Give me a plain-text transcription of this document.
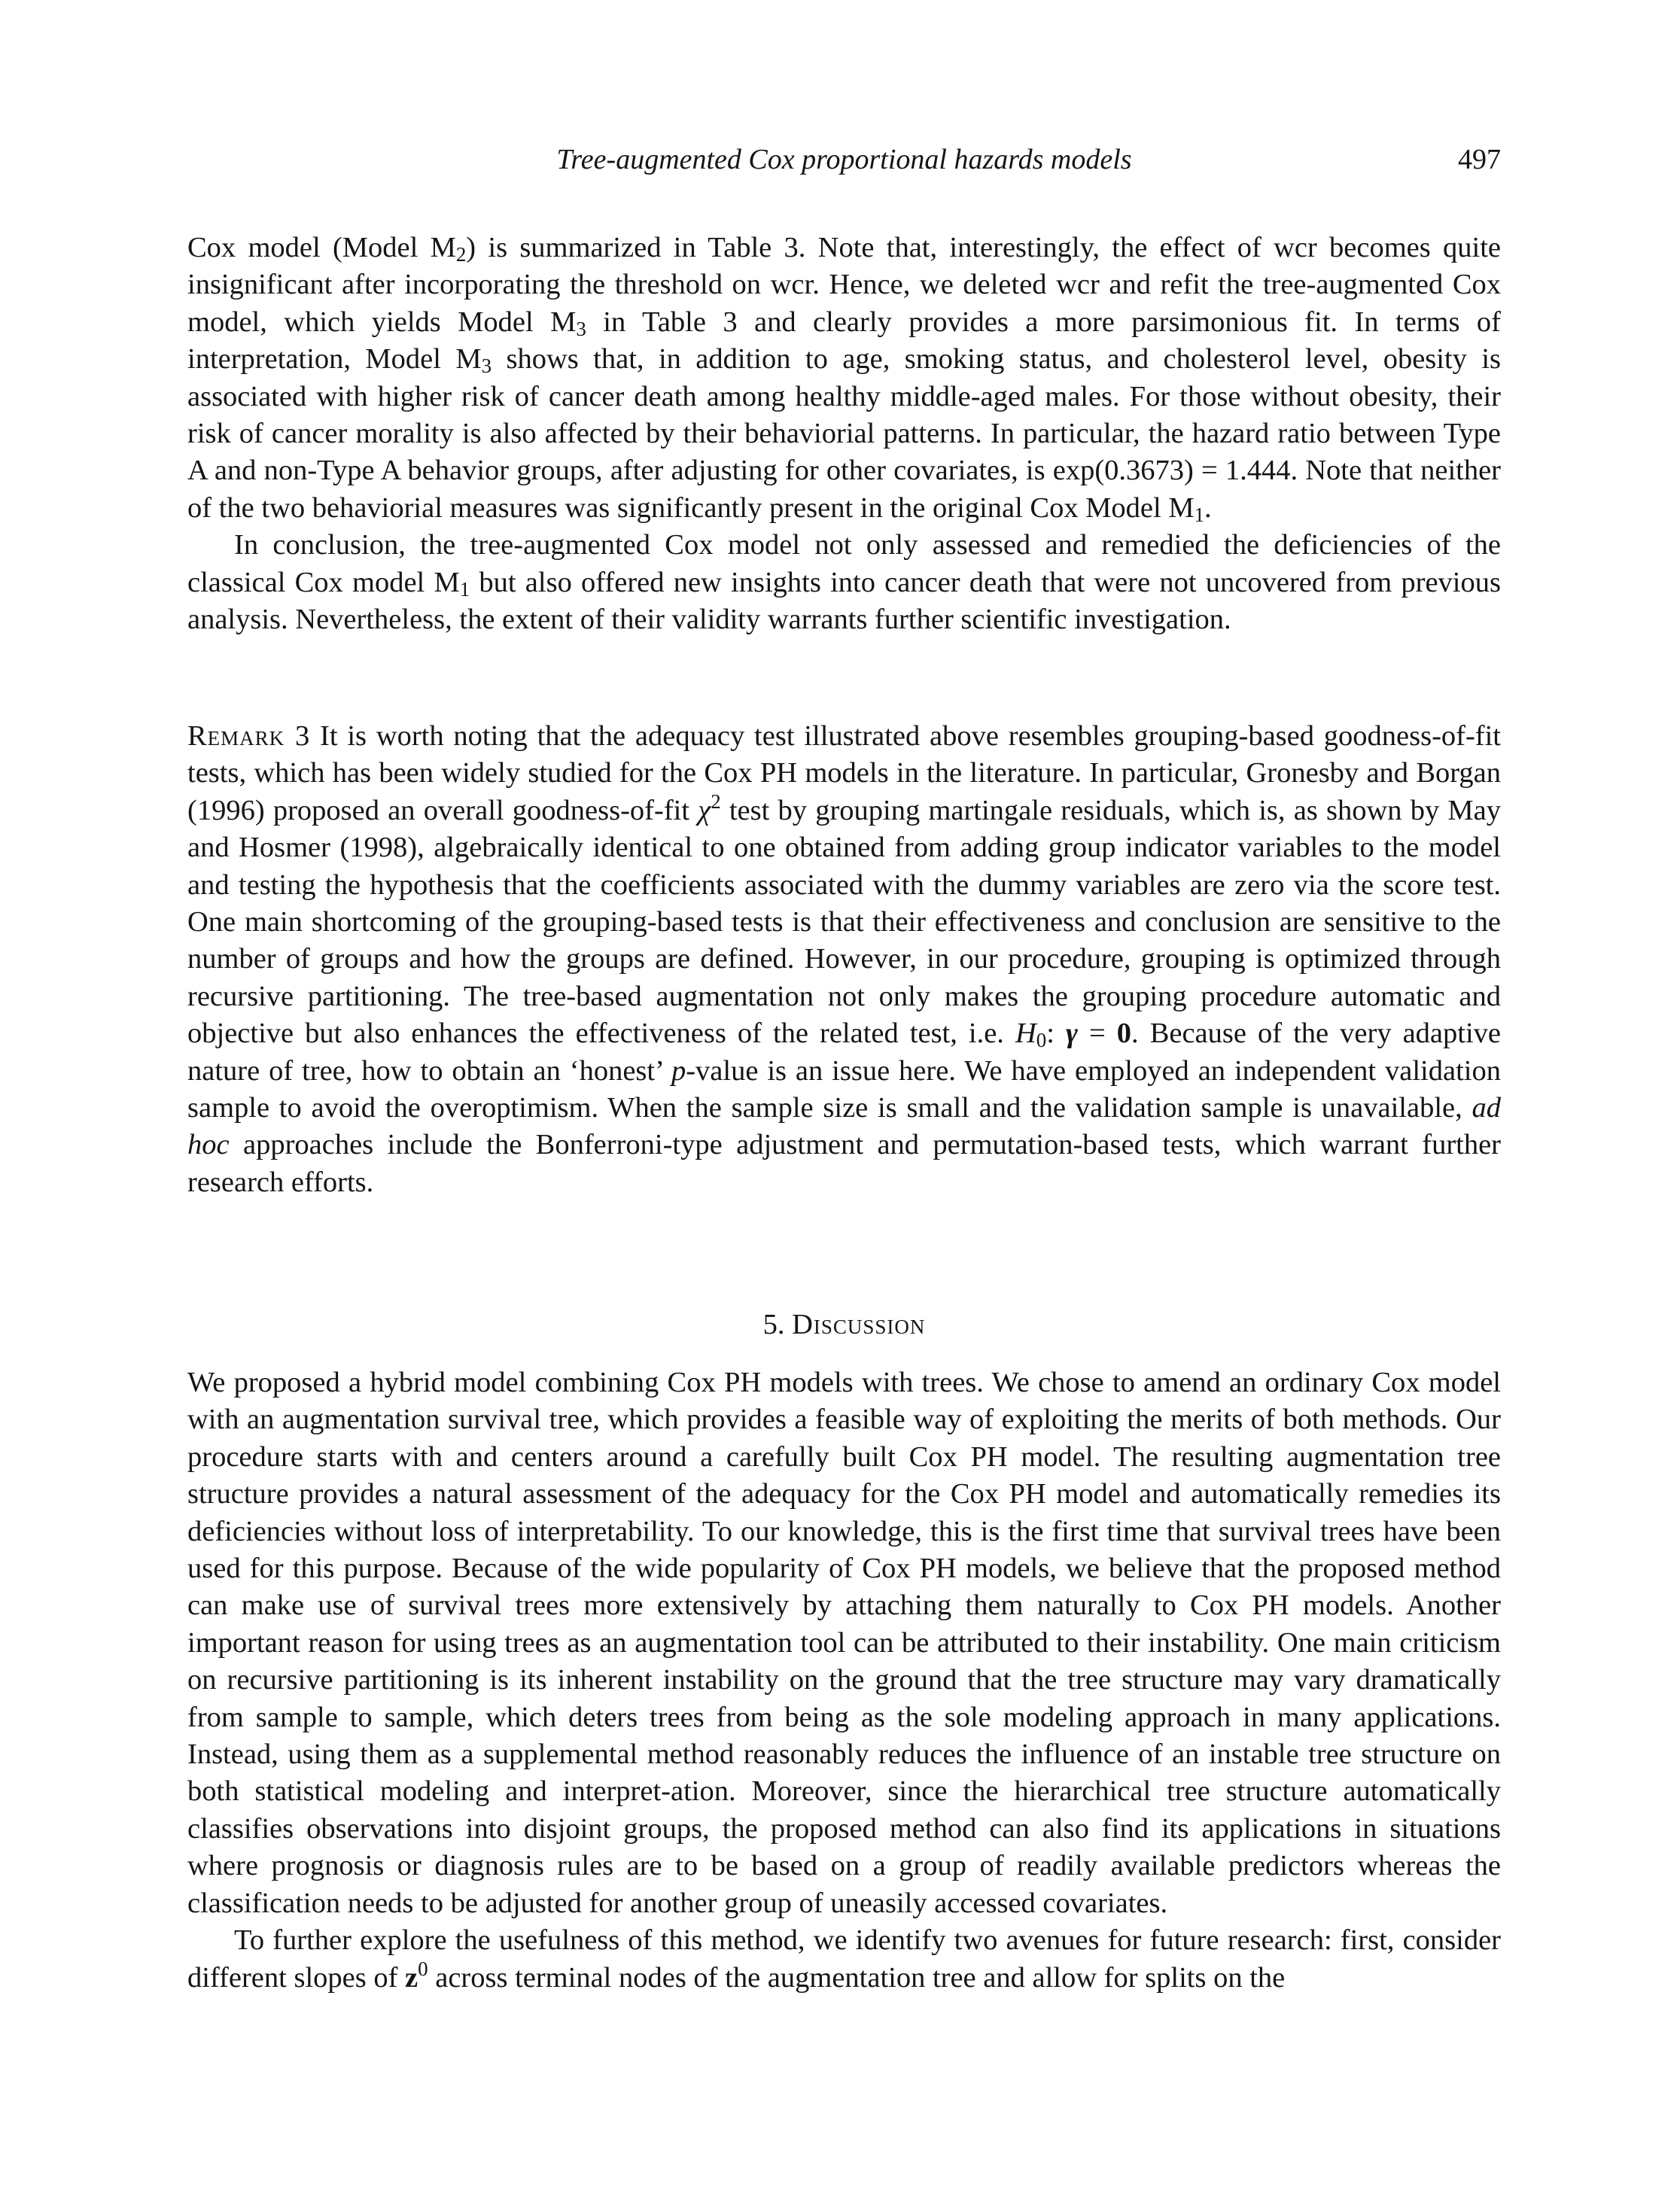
Tree-augmented Cox proportional hazards models	497

Cox model (Model $M_2$) is summarized in Table 3. Note that, interestingly, the effect of wcr becomes quite insignificant after incorporating the threshold on wcr. Hence, we deleted wcr and refit the tree-augmented Cox model, which yields Model $M_3$ in Table 3 and clearly provides a more parsimonious fit. In terms of interpretation, Model $M_3$ shows that, in addition to age, smoking status, and cholesterol level, obesity is associated with higher risk of cancer death among healthy middle-aged males. For those without obesity, their risk of cancer morality is also affected by their behaviorial patterns. In particular, the hazard ratio between Type A and non-Type A behavior groups, after adjusting for other covariates, is exp(0.3673) = 1.444. Note that neither of the two behaviorial measures was significantly present in the original Cox Model $M_1$.

In conclusion, the tree-augmented Cox model not only assessed and remedied the deficiencies of the classical Cox model $M_1$ but also offered new insights into cancer death that were not uncovered from previous analysis. Nevertheless, the extent of their validity warrants further scientific investigation.

Remark 3 It is worth noting that the adequacy test illustrated above resembles grouping-based goodness-of-fit tests, which has been widely studied for the Cox PH models in the literature. In particular, Gronesby and Borgan (1996) proposed an overall goodness-of-fit $\chi^2$ test by grouping martingale residuals, which is, as shown by May and Hosmer (1998), algebraically identical to one obtained from adding group indicator variables to the model and testing the hypothesis that the coefficients associated with the dummy variables are zero via the score test. One main shortcoming of the grouping-based tests is that their effectiveness and conclusion are sensitive to the number of groups and how the groups are defined. However, in our procedure, grouping is optimized through recursive partitioning. The tree-based augmentation not only makes the grouping procedure automatic and objective but also enhances the effectiveness of the related test, i.e. $H_0$: γ = 0. Because of the very adaptive nature of tree, how to obtain an ‘honest’ p-value is an issue here. We have employed an independent validation sample to avoid the overoptimism. When the sample size is small and the validation sample is unavailable, ad hoc approaches include the Bonferroni-type adjustment and permutation-based tests, which warrant further research efforts.

5. Discussion

We proposed a hybrid model combining Cox PH models with trees. We chose to amend an ordinary Cox model with an augmentation survival tree, which provides a feasible way of exploiting the merits of both methods. Our procedure starts with and centers around a carefully built Cox PH model. The resulting augmentation tree structure provides a natural assessment of the adequacy for the Cox PH model and automatically remedies its deficiencies without loss of interpretability. To our knowledge, this is the first time that survival trees have been used for this purpose. Because of the wide popularity of Cox PH models, we believe that the proposed method can make use of survival trees more extensively by attaching them naturally to Cox PH models. Another important reason for using trees as an augmentation tool can be attributed to their instability. One main criticism on recursive partitioning is its inherent instability on the ground that the tree structure may vary dramatically from sample to sample, which deters trees from being as the sole modeling approach in many applications. Instead, using them as a supplemental method reasonably reduces the influence of an instable tree structure on both statistical modeling and interpret-ation. Moreover, since the hierarchical tree structure automatically classifies observations into disjoint groups, the proposed method can also find its applications in situations where prognosis or diagnosis rules are to be based on a group of readily available predictors whereas the classification needs to be adjusted for another group of uneasily accessed covariates.

To further explore the usefulness of this method, we identify two avenues for future research: first, consider different slopes of $z^0$ across terminal nodes of the augmentation tree and allow for splits on the
